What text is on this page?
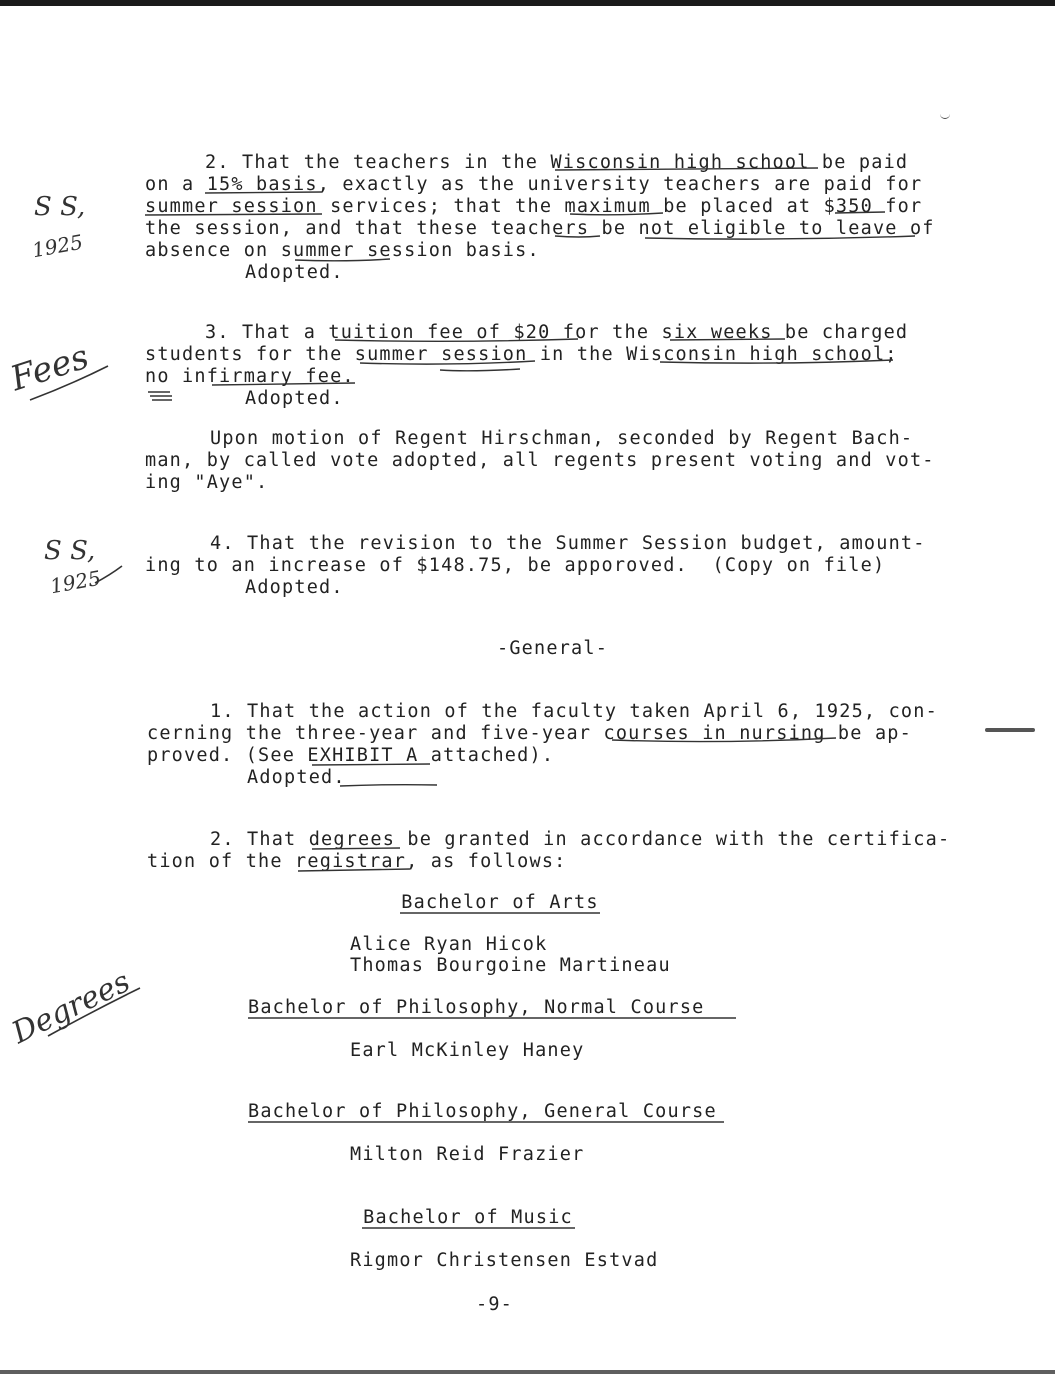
2. That the teachers in the Wisconsin high school be paid
on a 15% basis, exactly as the university teachers are paid for
summer session services; that the maximum be placed at $350 for
the session, and that these teachers be not eligible to leave of
absence on summer session basis.
Adopted.
3. That a tuition fee of $20 for the six weeks be charged
students for the summer session in the Wisconsin high school;
no infirmary fee.
Adopted.
Upon motion of Regent Hirschman, seconded by Regent Bach-
man, by called vote adopted, all regents present voting and vot-
ing "Aye".
4. That the revision to the Summer Session budget, amount-
ing to an increase of $148.75, be apporoved.  (Copy on file)
Adopted.
-General-
1. That the action of the faculty taken April 6, 1925, con-
cerning the three-year and five-year courses in nursing be ap-
proved. (See EXHIBIT A attached).
Adopted.
2. That degrees be granted in accordance with the certifica-
tion of the registrar, as follows:
Bachelor of Arts
Alice Ryan Hicok
Thomas Bourgoine Martineau
Bachelor of Philosophy, Normal Course
Earl McKinley Haney
Bachelor of Philosophy, General Course
Milton Reid Frazier
Bachelor of Music
Rigmor Christensen Estvad
-9-
S S,
1925
Fees
S S,
1925
Degrees
